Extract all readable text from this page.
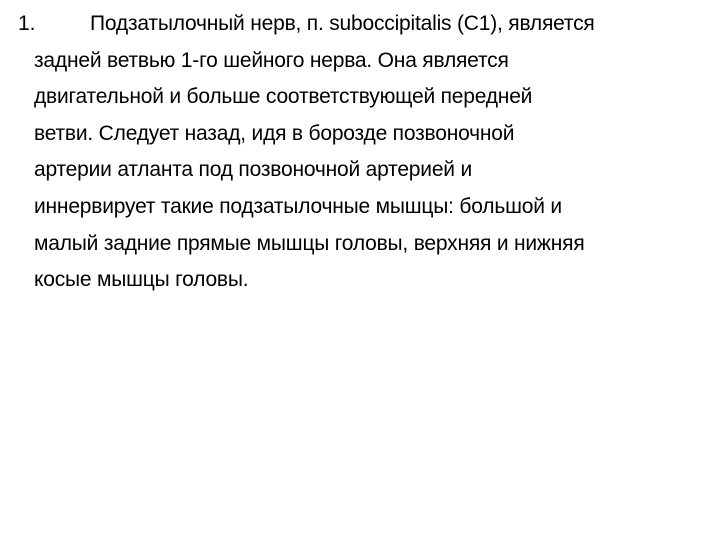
1.	Подзатылочный нерв, п. suboccipitalis (С1), является
задней ветвью 1-го шейного нерва. Она является
двигательной и больше соответствующей передней
ветви. Следует назад, идя в борозде позвоночной
артерии атланта под позвоночной артерией и
иннервирует такие подзатылочные мышцы: большой и
малый задние прямые мышцы головы, верхняя и нижняя
косые мышцы головы.
